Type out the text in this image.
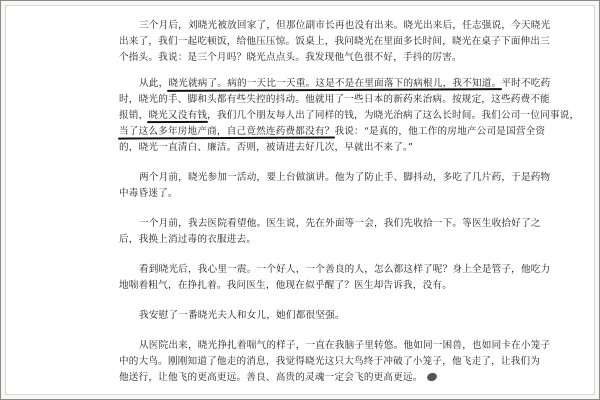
三个月后，刘晓光被放回家了，但那位副市长再也没有出来。晓光出来后，任志强说，今天晓光
出来了，我们一起吃顿饭，给他压压惊。饭桌上，我问晓光在里面多长时间，晓光在桌子下面伸出三
个指头。我说：是三个月吗？晓光点点头。我发现他气色很不好，手抖的厉害。
从此，晓光就病了。病的一天比一天重。这是不是在里面落下的病根儿，我不知道。平时不吃药
时，晓光的手、脚和头都有些失控的抖动。他就用了一些日本的新药来治病。按规定，这些药费不能
报销，晓光又没有钱，我们几个朋友每人出了同样的钱，为晓光治病了这么长时间。我们公司一位同事说，
当了这么多年房地产商，自己竟然连药费都没有？我说：“是真的，他工作的房地产公司是国营全资
的，晓光一直清白、廉洁。否则，被请进去好几次，早就出不来了。”
两个月前，晓光参加一活动，要上台做演讲。他为了防止手、脚抖动，多吃了几片药，于是药物
中毒昏迷了。
一个月前，我去医院看望他。医生说，先在外面等一会，我们先收拾一下。等医生收拾好了之
后，我换上消过毒的衣服进去。
看到晓光后，我心里一震。一个好人，一个善良的人，怎么都这样了呢？身上全是管子，他吃力
地喘着粗气，在挣扎着。我问医生，他现在似乎醒了？医生却告诉我，没有。
我安慰了一番晓光夫人和女儿，她们都很坚强。
从医院出来，晓光挣扎着喘气的样子，一直在我脑子里转悠。他如同一困兽，也如同卡在小笼子
中的大鸟。刚刚知道了他走的消息，我觉得晓光这只大鸟终于冲破了小笼子，他飞走了，让我们为
他送行，让他飞的更高更远。善良、高贵的灵魂一定会飞的更高更远。
